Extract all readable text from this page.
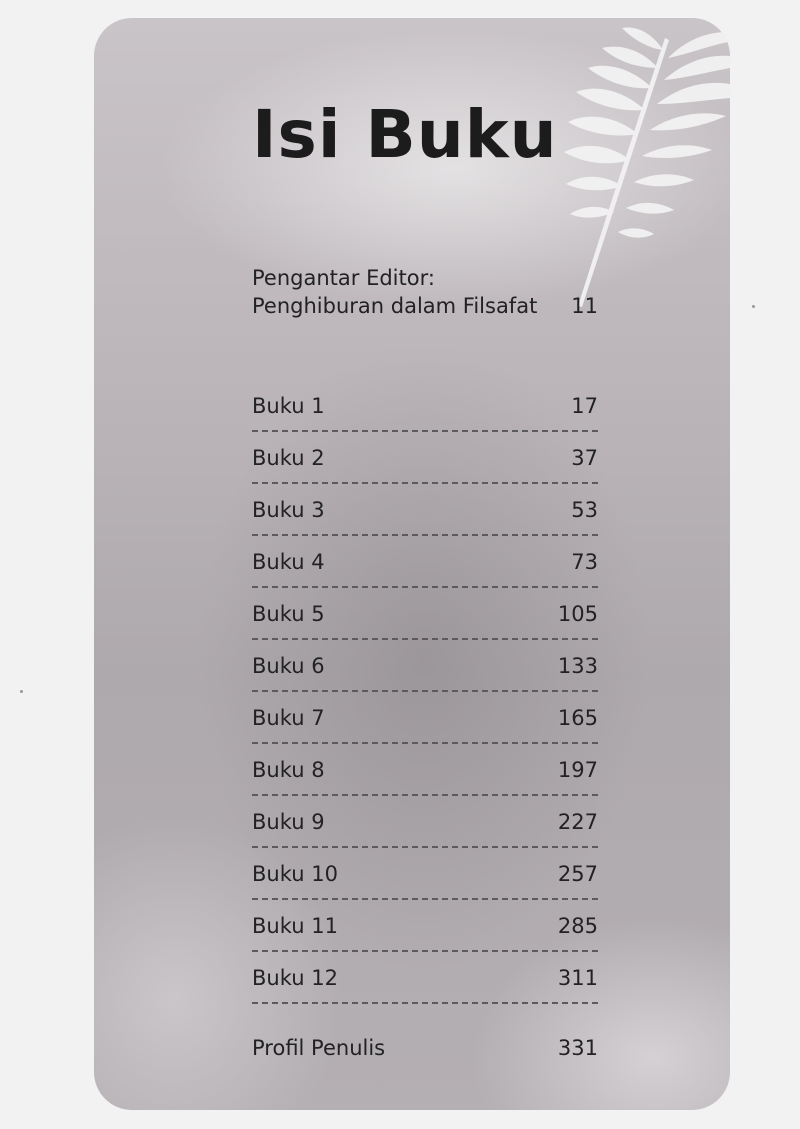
Isi Buku
Pengantar Editor:
Penghiburan dalam Filsafat 11
Buku 1	17
Buku 2	37
Buku 3	53
Buku 4	73
Buku 5	105
Buku 6	133
Buku 7	165
Buku 8	197
Buku 9	227
Buku 10	257
Buku 11	285
Buku 12	311
Profil Penulis	331
